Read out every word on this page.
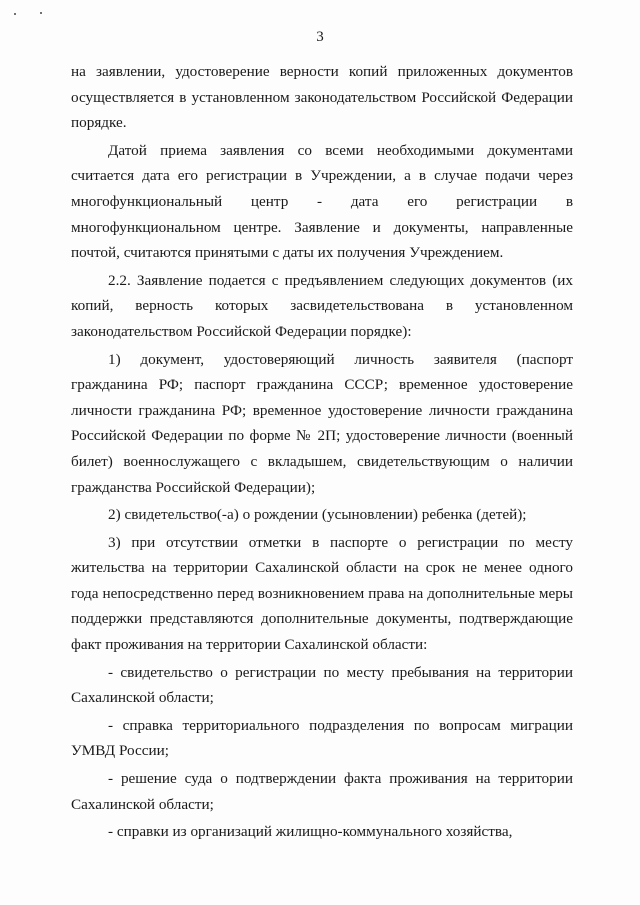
3

на заявлении, удостоверение верности копий приложенных документов осуществляется в установленном законодательством Российской Федерации порядке.

Датой приема заявления со всеми необходимыми документами считается дата его регистрации в Учреждении, а в случае подачи через многофункциональный центр - дата его регистрации в многофункциональном центре. Заявление и документы, направленные почтой, считаются принятыми с даты их получения Учреждением.

2.2. Заявление подается с предъявлением следующих документов (их копий, верность которых засвидетельствована в установленном законодательством Российской Федерации порядке):

1) документ, удостоверяющий личность заявителя (паспорт гражданина РФ; паспорт гражданина СССР; временное удостоверение личности гражданина РФ; временное удостоверение личности гражданина Российской Федерации по форме № 2П; удостоверение личности (военный билет) военнослужащего с вкладышем, свидетельствующим о наличии гражданства Российской Федерации);

2) свидетельство(-а) о рождении (усыновлении) ребенка (детей);

3) при отсутствии отметки в паспорте о регистрации по месту жительства на территории Сахалинской области на срок не менее одного года непосредственно перед возникновением права на дополнительные меры поддержки представляются дополнительные документы, подтверждающие факт проживания на территории Сахалинской области:

- свидетельство о регистрации по месту пребывания на территории Сахалинской области;

- справка территориального подразделения по вопросам миграции УМВД России;

- решение суда о подтверждении факта проживания на территории Сахалинской области;

- справки из организаций жилищно-коммунального хозяйства,
